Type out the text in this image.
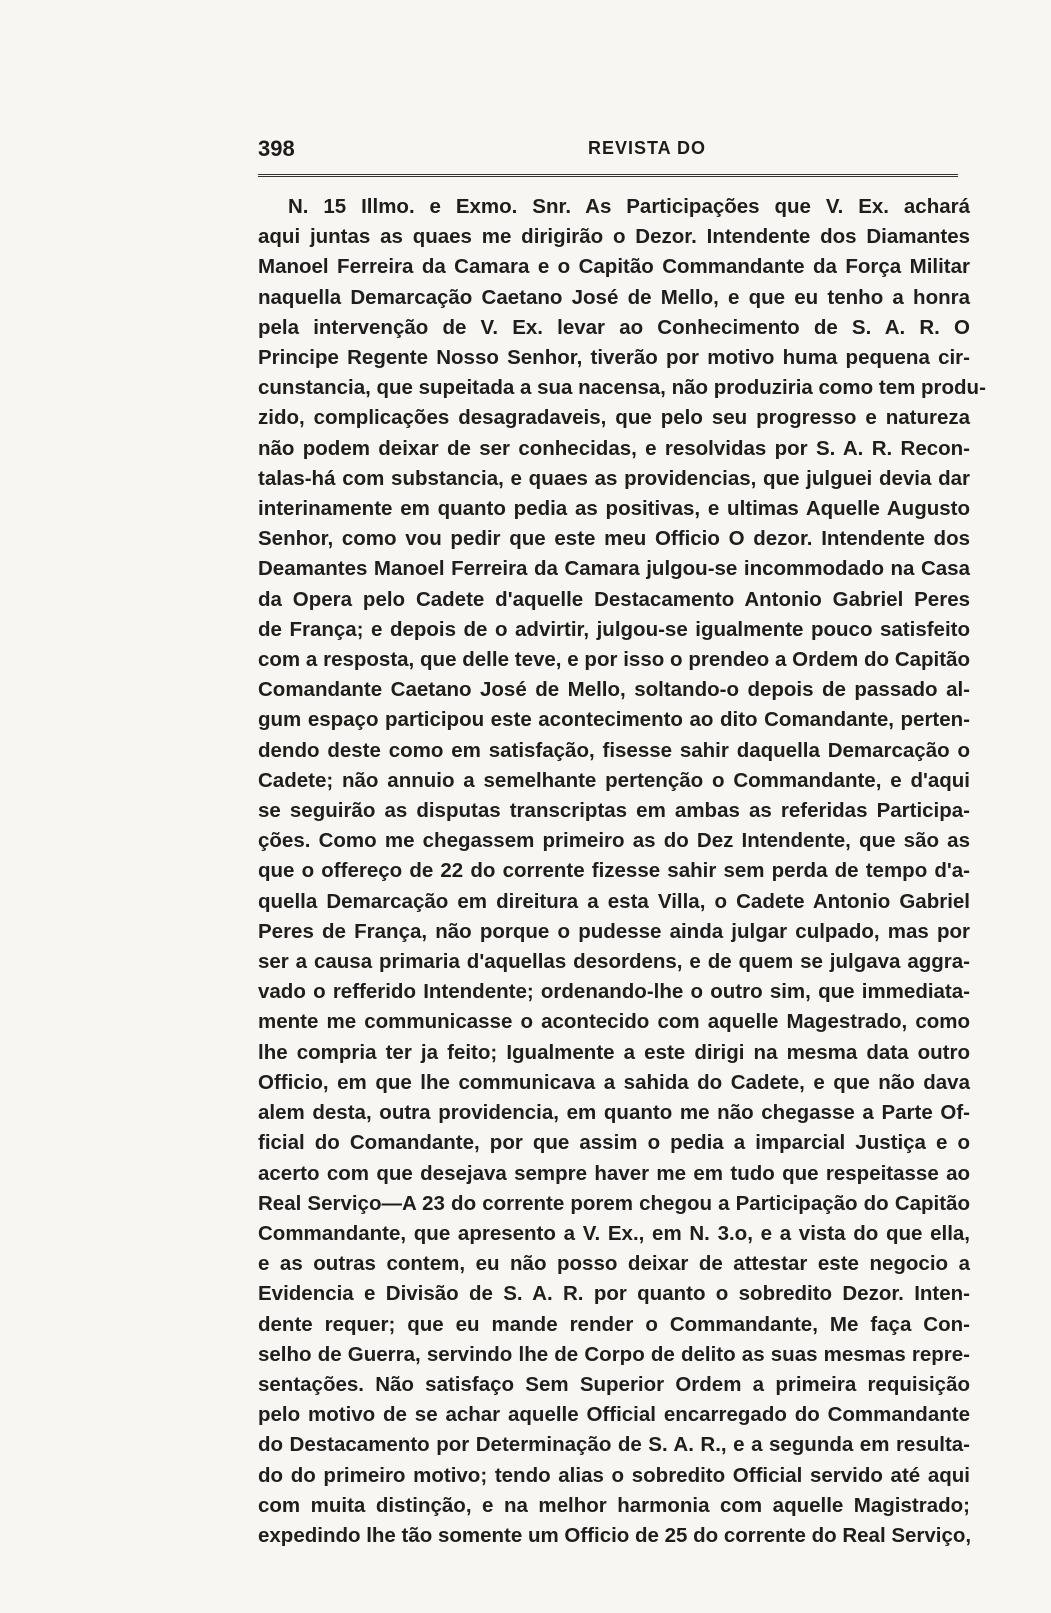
398	REVISTA DO
N. 15 Illmo. e Exmo. Snr. As Participações que V. Ex. achará
aqui juntas as quaes me dirigirão o Dezor. Intendente dos Diamantes
Manoel Ferreira da Camara e o Capitão Commandante da Força Militar
naquella Demarcação Caetano José de Mello, e que eu tenho a honra
pela intervenção de V. Ex. levar ao Conhecimento de S. A. R. O
Principe Regente Nosso Senhor, tiverão por motivo huma pequena cir-
cunstancia, que supeitada a sua nacensa, não produziria como tem produ-
zido, complicações desagradaveis, que pelo seu progresso e natureza
não podem deixar de ser conhecidas, e resolvidas por S. A. R. Recon-
talas-há com substancia, e quaes as providencias, que julguei devia dar
interinamente em quanto pedia as positivas, e ultimas Aquelle Augusto
Senhor, como vou pedir que este meu Officio O dezor. Intendente dos
Deamantes Manoel Ferreira da Camara julgou-se incommodado na Casa
da Opera pelo Cadete d'aquelle Destacamento Antonio Gabriel Peres
de França; e depois de o advirtir, julgou-se igualmente pouco satisfeito
com a resposta, que delle teve, e por isso o prendeo a Ordem do Capitão
Comandante Caetano José de Mello, soltando-o depois de passado al-
gum espaço participou este acontecimento ao dito Comandante, perten-
dendo deste como em satisfação, fisesse sahir daquella Demarcação o
Cadete; não annuio a semelhante pertenção o Commandante, e d'aqui
se seguirão as disputas transcriptas em ambas as referidas Participa-
ções. Como me chegassem primeiro as do Dez Intendente, que são as
que o offereço de 22 do corrente fizesse sahir sem perda de tempo d'a-
quella Demarcação em direitura a esta Villa, o Cadete Antonio Gabriel
Peres de França, não porque o pudesse ainda julgar culpado, mas por
ser a causa primaria d'aquellas desordens, e de quem se julgava aggra-
vado o refferido Intendente; ordenando-lhe o outro sim, que immediata-
mente me communicasse o acontecido com aquelle Magestrado, como
lhe compria ter ja feito; Igualmente a este dirigi na mesma data outro
Officio, em que lhe communicava a sahida do Cadete, e que não dava
alem desta, outra providencia, em quanto me não chegasse a Parte Of-
ficial do Comandante, por que assim o pedia a imparcial Justiça e o
acerto com que desejava sempre haver me em tudo que respeitasse ao
Real Serviço—A 23 do corrente porem chegou a Participação do Capitão
Commandante, que apresento a V. Ex., em N. 3.o, e a vista do que ella,
e as outras contem, eu não posso deixar de attestar este negocio a
Evidencia e Divisão de S. A. R. por quanto o sobredito Dezor. Inten-
dente requer; que eu mande render o Commandante, Me faça Con-
selho de Guerra, servindo lhe de Corpo de delito as suas mesmas repre-
sentações. Não satisfaço Sem Superior Ordem a primeira requisição
pelo motivo de se achar aquelle Official encarregado do Commandante
do Destacamento por Determinação de S. A. R., e a segunda em resulta-
do do primeiro motivo; tendo alias o sobredito Official servido até aqui
com muita distinção, e na melhor harmonia com aquelle Magistrado;
expedindo lhe tão somente um Officio de 25 do corrente do Real Serviço,
